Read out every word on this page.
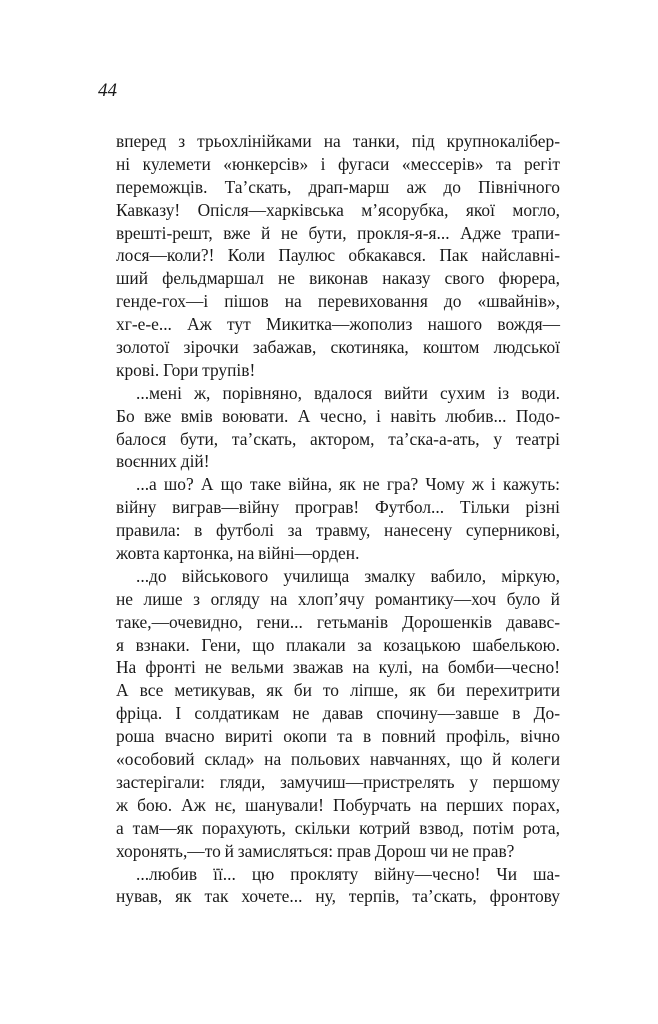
44
вперед з трьохлінійками на танки, під крупнокалібер-
ні кулемети «юнкерсів» і фугаси «мессерів» та регіт
переможців. Та’скать, драп-марш аж до Північного
Кавказу! Опісля—харківська м’ясорубка, якої могло,
врешті-решт, вже й не бути, прокля-я-я... Адже трапи-
лося—коли?! Коли Паулюс обкакався. Пак найславні-
ший фельдмаршал не виконав наказу свого фюрера,
генде-гох—і пішов на перевиховання до «швайнів»,
хг-е-е... Аж тут Микитка—жополиз нашого вождя—
золотої зірочки забажав, скотиняка, коштом людської
крові. Гори трупів!
...мені ж, порівняно, вдалося вийти сухим із води.
Бо вже вмів воювати. А чесно, і навіть любив... Подо-
балося бути, та’скать, актором, та’ска-а-ать, у театрі
воєнних дій!
...а шо? А що таке війна, як не гра? Чому ж і кажуть:
війну виграв—війну програв! Футбол... Тільки різні
правила: в футболі за травму, нанесену суперникові,
жовта картонка, на війні—орден.
...до військового училища змалку вабило, міркую,
не лише з огляду на хлоп’ячу романтику—хоч було й
таке,—очевидно, гени... гетьманів Дорошенків дававс-
я взнаки. Гени, що плакали за козацькою шабелькою.
На фронті не вельми зважав на кулі, на бомби—чесно!
А все метикував, як би то ліпше, як би перехитрити
фріца. І солдатикам не давав спочину—завше в До-
роша вчасно вириті окопи та в повний профіль, вічно
«особовий склад» на польових навчаннях, що й колеги
застерігали: гляди, замучиш—пристрелять у першому
ж бою. Аж нє, шанували! Побурчать на перших порах,
а там—як порахують, скільки котрий взвод, потім рота,
хоронять,—то й замисляться: прав Дорош чи не прав?
...любив її... цю прокляту війну—чесно! Чи ша-
нував, як так хочете... ну, терпів, та’скать, фронтову
